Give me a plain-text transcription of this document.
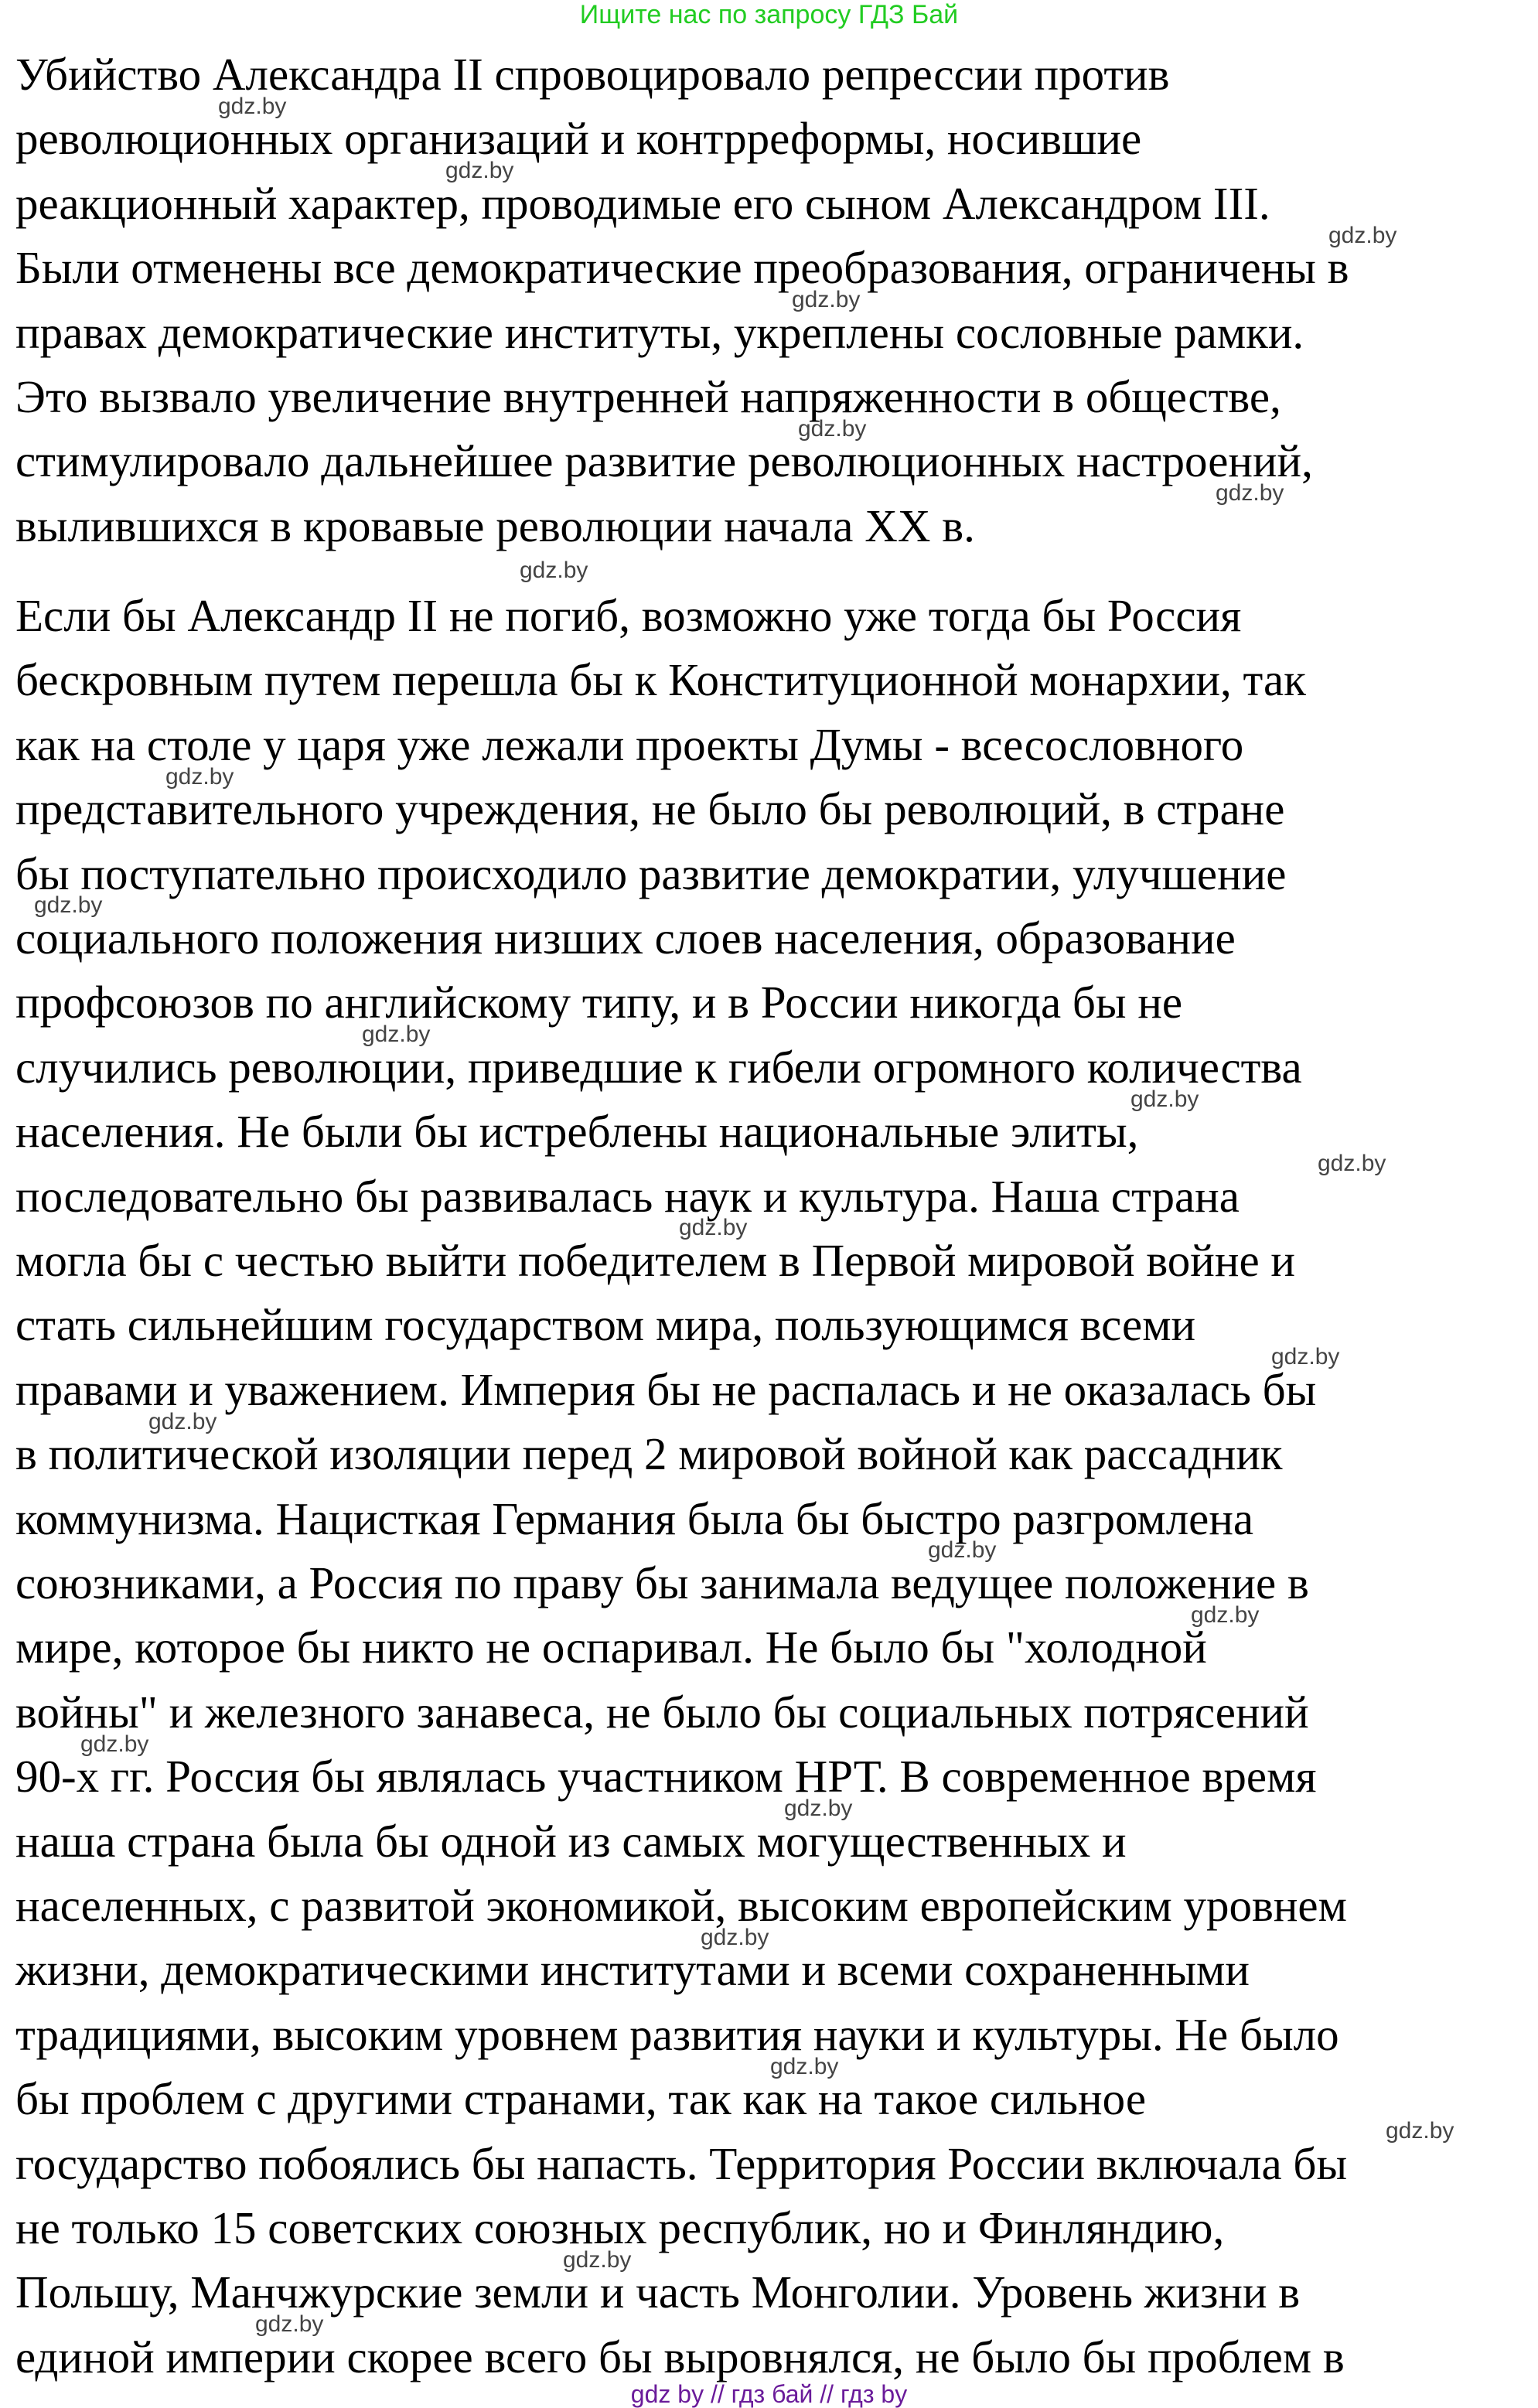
Ищите нас по запросу ГДЗ Бай
Убийство Александра II спровоцировало репрессии против
революционных организаций и контрреформы, носившие
реакционный характер, проводимые его сыном Александром III.
Были отменены все демократические преобразования, ограничены в
правах демократические институты, укреплены сословные рамки.
Это вызвало увеличение внутренней напряженности в обществе,
стимулировало дальнейшее развитие революционных настроений,
вылившихся в кровавые революции начала XX в.
Если бы Александр II не погиб, возможно уже тогда бы Россия
бескровным путем перешла бы к Конституционной монархии, так
как на столе у царя уже лежали проекты Думы - всесословного
представительного учреждения, не было бы революций, в стране
бы поступательно происходило развитие демократии, улучшение
социального положения низших слоев населения, образование
профсоюзов по английскому типу, и в России никогда бы не
случились революции, приведшие к гибели огромного количества
населения. Не были бы истреблены национальные элиты,
последовательно бы развивалась наук и культура. Наша страна
могла бы с честью выйти победителем в Первой мировой войне и
стать сильнейшим государством мира, пользующимся всеми
правами и уважением. Империя бы не распалась и не оказалась бы
в политической изоляции перед 2 мировой войной как рассадник
коммунизма. Нацисткая Германия была бы быстро разгромлена
союзниками, а Россия по праву бы занимала ведущее положение в
мире, которое бы никто не оспаривал. Не было бы "холодной
войны" и железного занавеса, не было бы социальных потрясений
90-х гг. Россия бы являлась участником НРТ. В современное время
наша страна была бы одной из самых могущественных и
населенных, с развитой экономикой, высоким европейским уровнем
жизни, демократическими институтами и всеми сохраненными
традициями, высоким уровнем развития науки и культуры. Не было
бы проблем с другими странами, так как на такое сильное
государство побоялись бы напасть. Территория России включала бы
не только 15 советских союзных республик, но и Финляндию,
Польшу, Манчжурские земли и часть Монголии. Уровень жизни в
единой империи скорее всего бы выровнялся, не было бы проблем в
gdz.by
gdz.by
gdz.by
gdz.by
gdz.by
gdz.by
gdz.by
gdz.by
gdz.by
gdz.by
gdz.by
gdz.by
gdz.by
gdz.by
gdz.by
gdz.by
gdz.by
gdz.by
gdz.by
gdz.by
gdz.by
gdz.by
gdz.by
gdz.by
gdz by // гдз бай // гдз by
